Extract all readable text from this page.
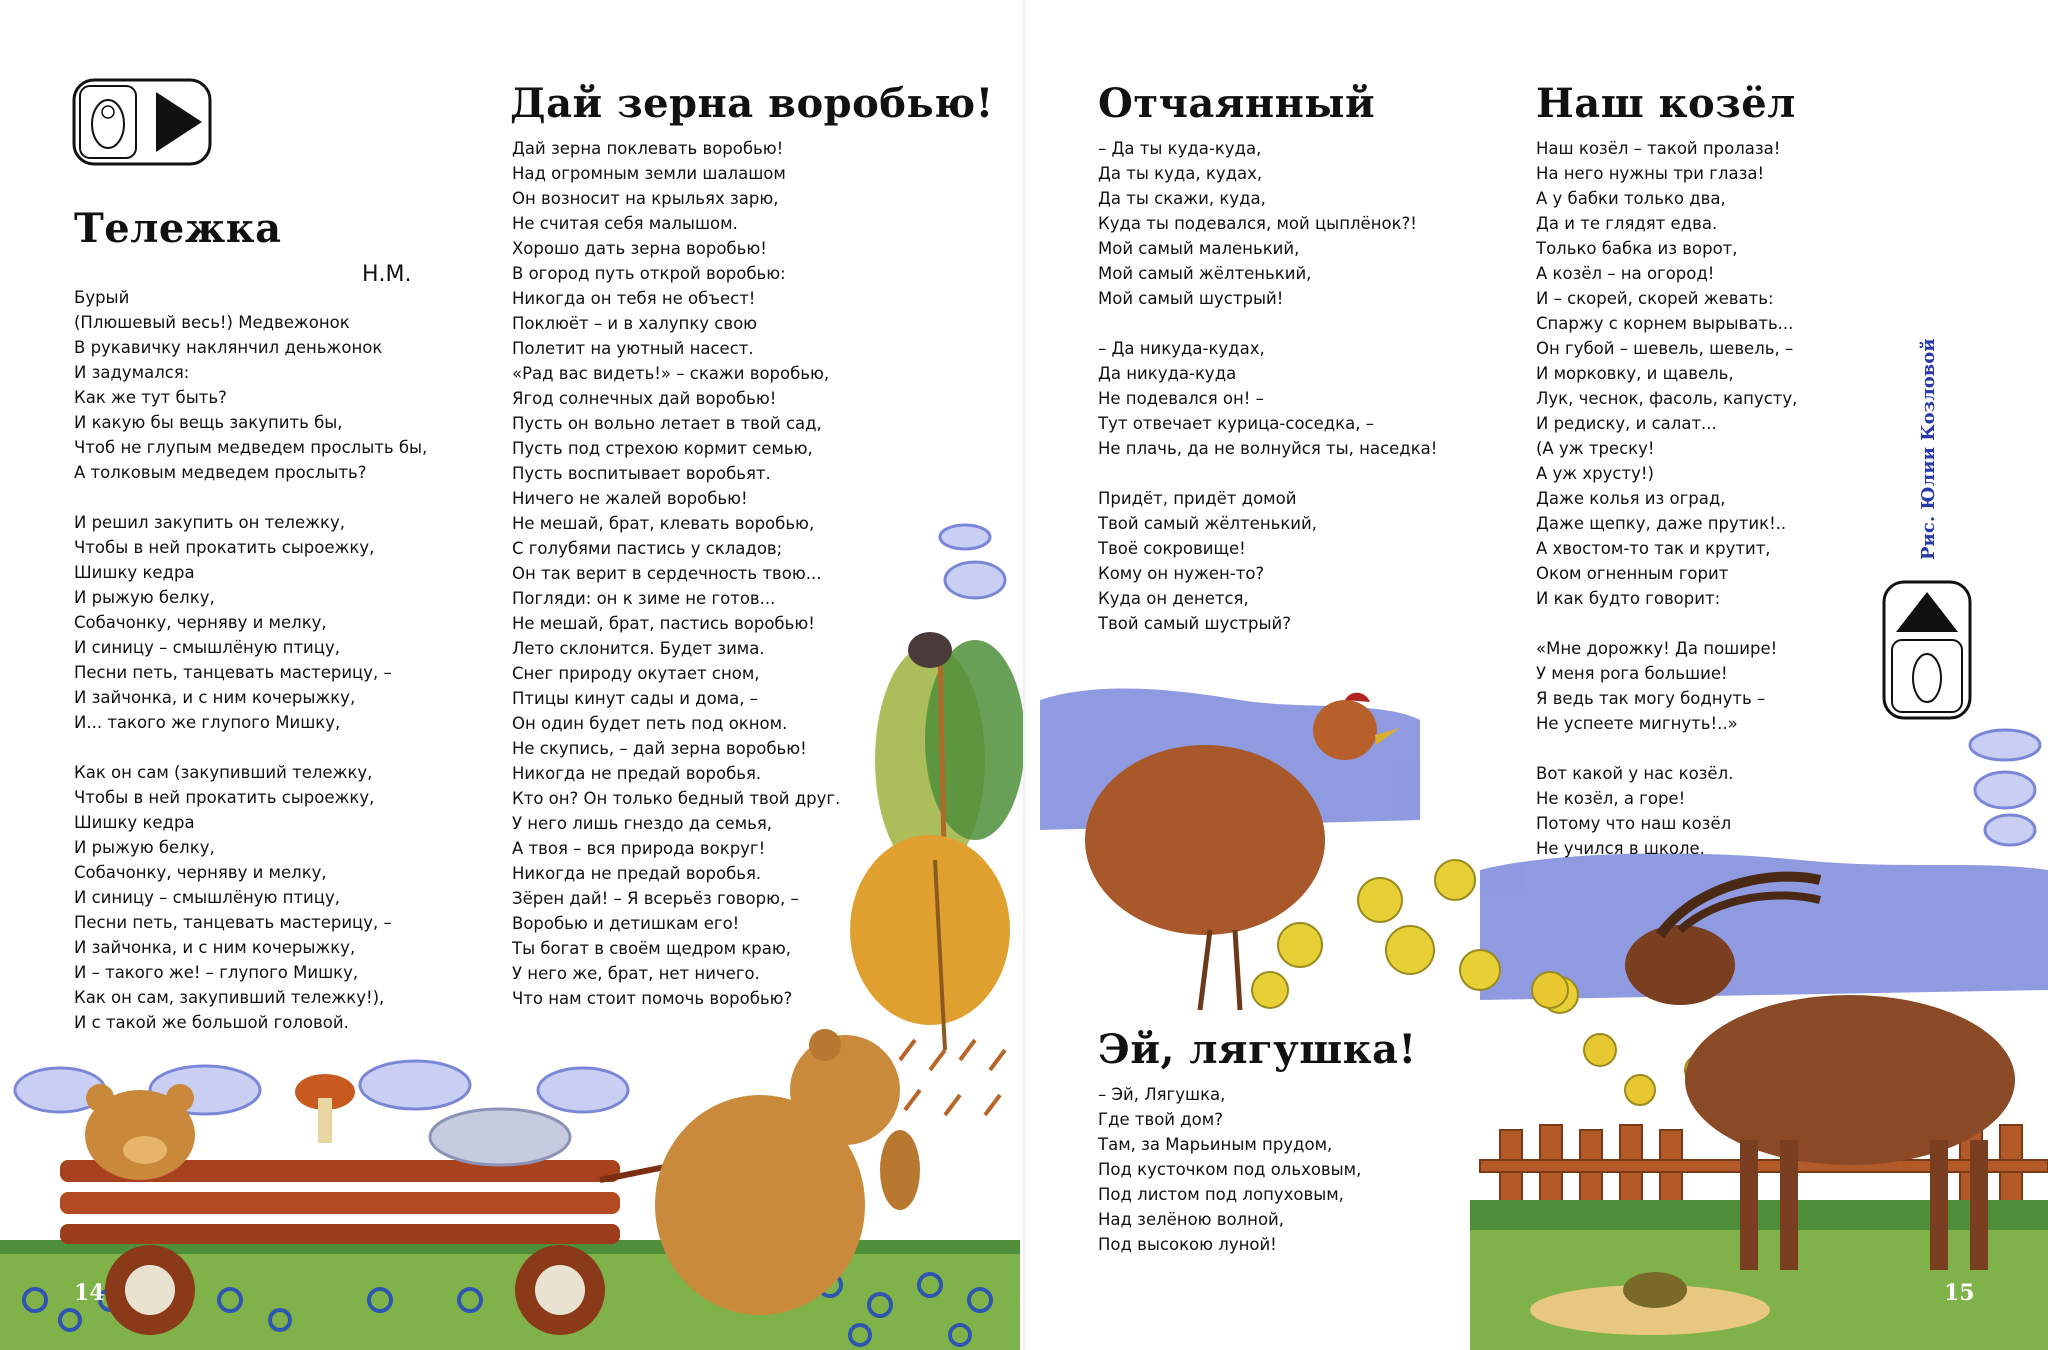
Тележка
Н.М.
Бурый
(Плюшевый весь!) Медвежонок
В рукавичку наклянчил деньжонок
И задумался:
Как же тут быть?
И какую бы вещь закупить бы,
Чтоб не глупым медведем прослыть бы,
А толковым медведем прослыть?
И решил закупить он тележку,
Чтобы в ней прокатить сыроежку,
Шишку кедра
И рыжую белку,
Собачонку, черняву и мелку,
И синицу – смышлёную птицу,
Песни петь, танцевать мастерицу, –
И зайчонка, и с ним кочерыжку,
И... такого же глупого Мишку,
Как он сам (закупивший тележку,
Чтобы в ней прокатить сыроежку,
Шишку кедра
И рыжую белку,
Собачонку, черняву и мелку,
И синицу – смышлёную птицу,
Песни петь, танцевать мастерицу, –
И зайчонка, и с ним кочерыжку,
И – такого же! – глупого Мишку,
Как он сам, закупивший тележку!),
И с такой же большой головой.
Дай зерна воробью!
Дай зерна поклевать воробью!
Над огромным земли шалашом
Он возносит на крыльях зарю,
Не считая себя малышом.
Хорошо дать зерна воробью!
В огород путь открой воробью:
Никогда он тебя не объест!
Поклюёт – и в халупку свою
Полетит на уютный насест.
«Рад вас видеть!» – скажи воробью,
Ягод солнечных дай воробью!
Пусть он вольно летает в твой сад,
Пусть под стрехою кормит семью,
Пусть воспитывает воробьят.
Ничего не жалей воробью!
Не мешай, брат, клевать воробью,
С голубями пастись у складов;
Он так верит в сердечность твою...
Погляди: он к зиме не готов...
Не мешай, брат, пастись воробью!
Лето склонится. Будет зима.
Снег природу окутает сном,
Птицы кинут сады и дома, –
Он один будет петь под окном.
Не скупись, – дай зерна воробью!
Никогда не предай воробья.
Кто он? Он только бедный твой друг.
У него лишь гнездо да семья,
А твоя – вся природа вокруг!
Никогда не предай воробья.
Зёрен дай! – Я всерьёз говорю, –
Воробью и детишкам его!
Ты богат в своём щедром краю,
У него же, брат, нет ничего.
Что нам стоит помочь воробью?
14
Отчаянный
– Да ты куда-куда,
Да ты куда, кудах,
Да ты скажи, куда,
Куда ты подевался, мой цыплёнок?!
Мой самый маленький,
Мой самый жёлтенький,
Мой самый шустрый!
– Да никуда-кудах,
Да никуда-куда
Не подевался он! –
Тут отвечает курица-соседка, –
Не плачь, да не волнуйся ты, наседка!
Придёт, придёт домой
Твой самый жёлтенький,
Твоё сокровище!
Кому он нужен-то?
Куда он денется,
Твой самый шустрый?
Наш козёл
Наш козёл – такой пролаза!
На него нужны три глаза!
А у бабки только два,
Да и те глядят едва.
Только бабка из ворот,
А козёл – на огород!
И – скорей, скорей жевать:
Спаржу с корнем вырывать...
Он губой – шевель, шевель, –
И морковку, и щавель,
Лук, чеснок, фасоль, капусту,
И редиску, и салат...
(А уж треску!
А уж хрусту!)
Даже колья из оград,
Даже щепку, даже прутик!..
А хвостом-то так и крутит,
Оком огненным горит
И как будто говорит:
«Мне дорожку! Да пошире!
У меня рога большие!
Я ведь так могу боднуть –
Не успеете мигнуть!..»
Вот какой у нас козёл.
Не козёл, а горе!
Потому что наш козёл
Не учился в школе.
Эй, лягушка!
– Эй, Лягушка,
Где твой дом?
Там, за Марьиным прудом,
Под кусточком под ольховым,
Под листом под лопуховым,
Над зелёною волной,
Под высокою луной!
Рис. Юлии Козловой
15
